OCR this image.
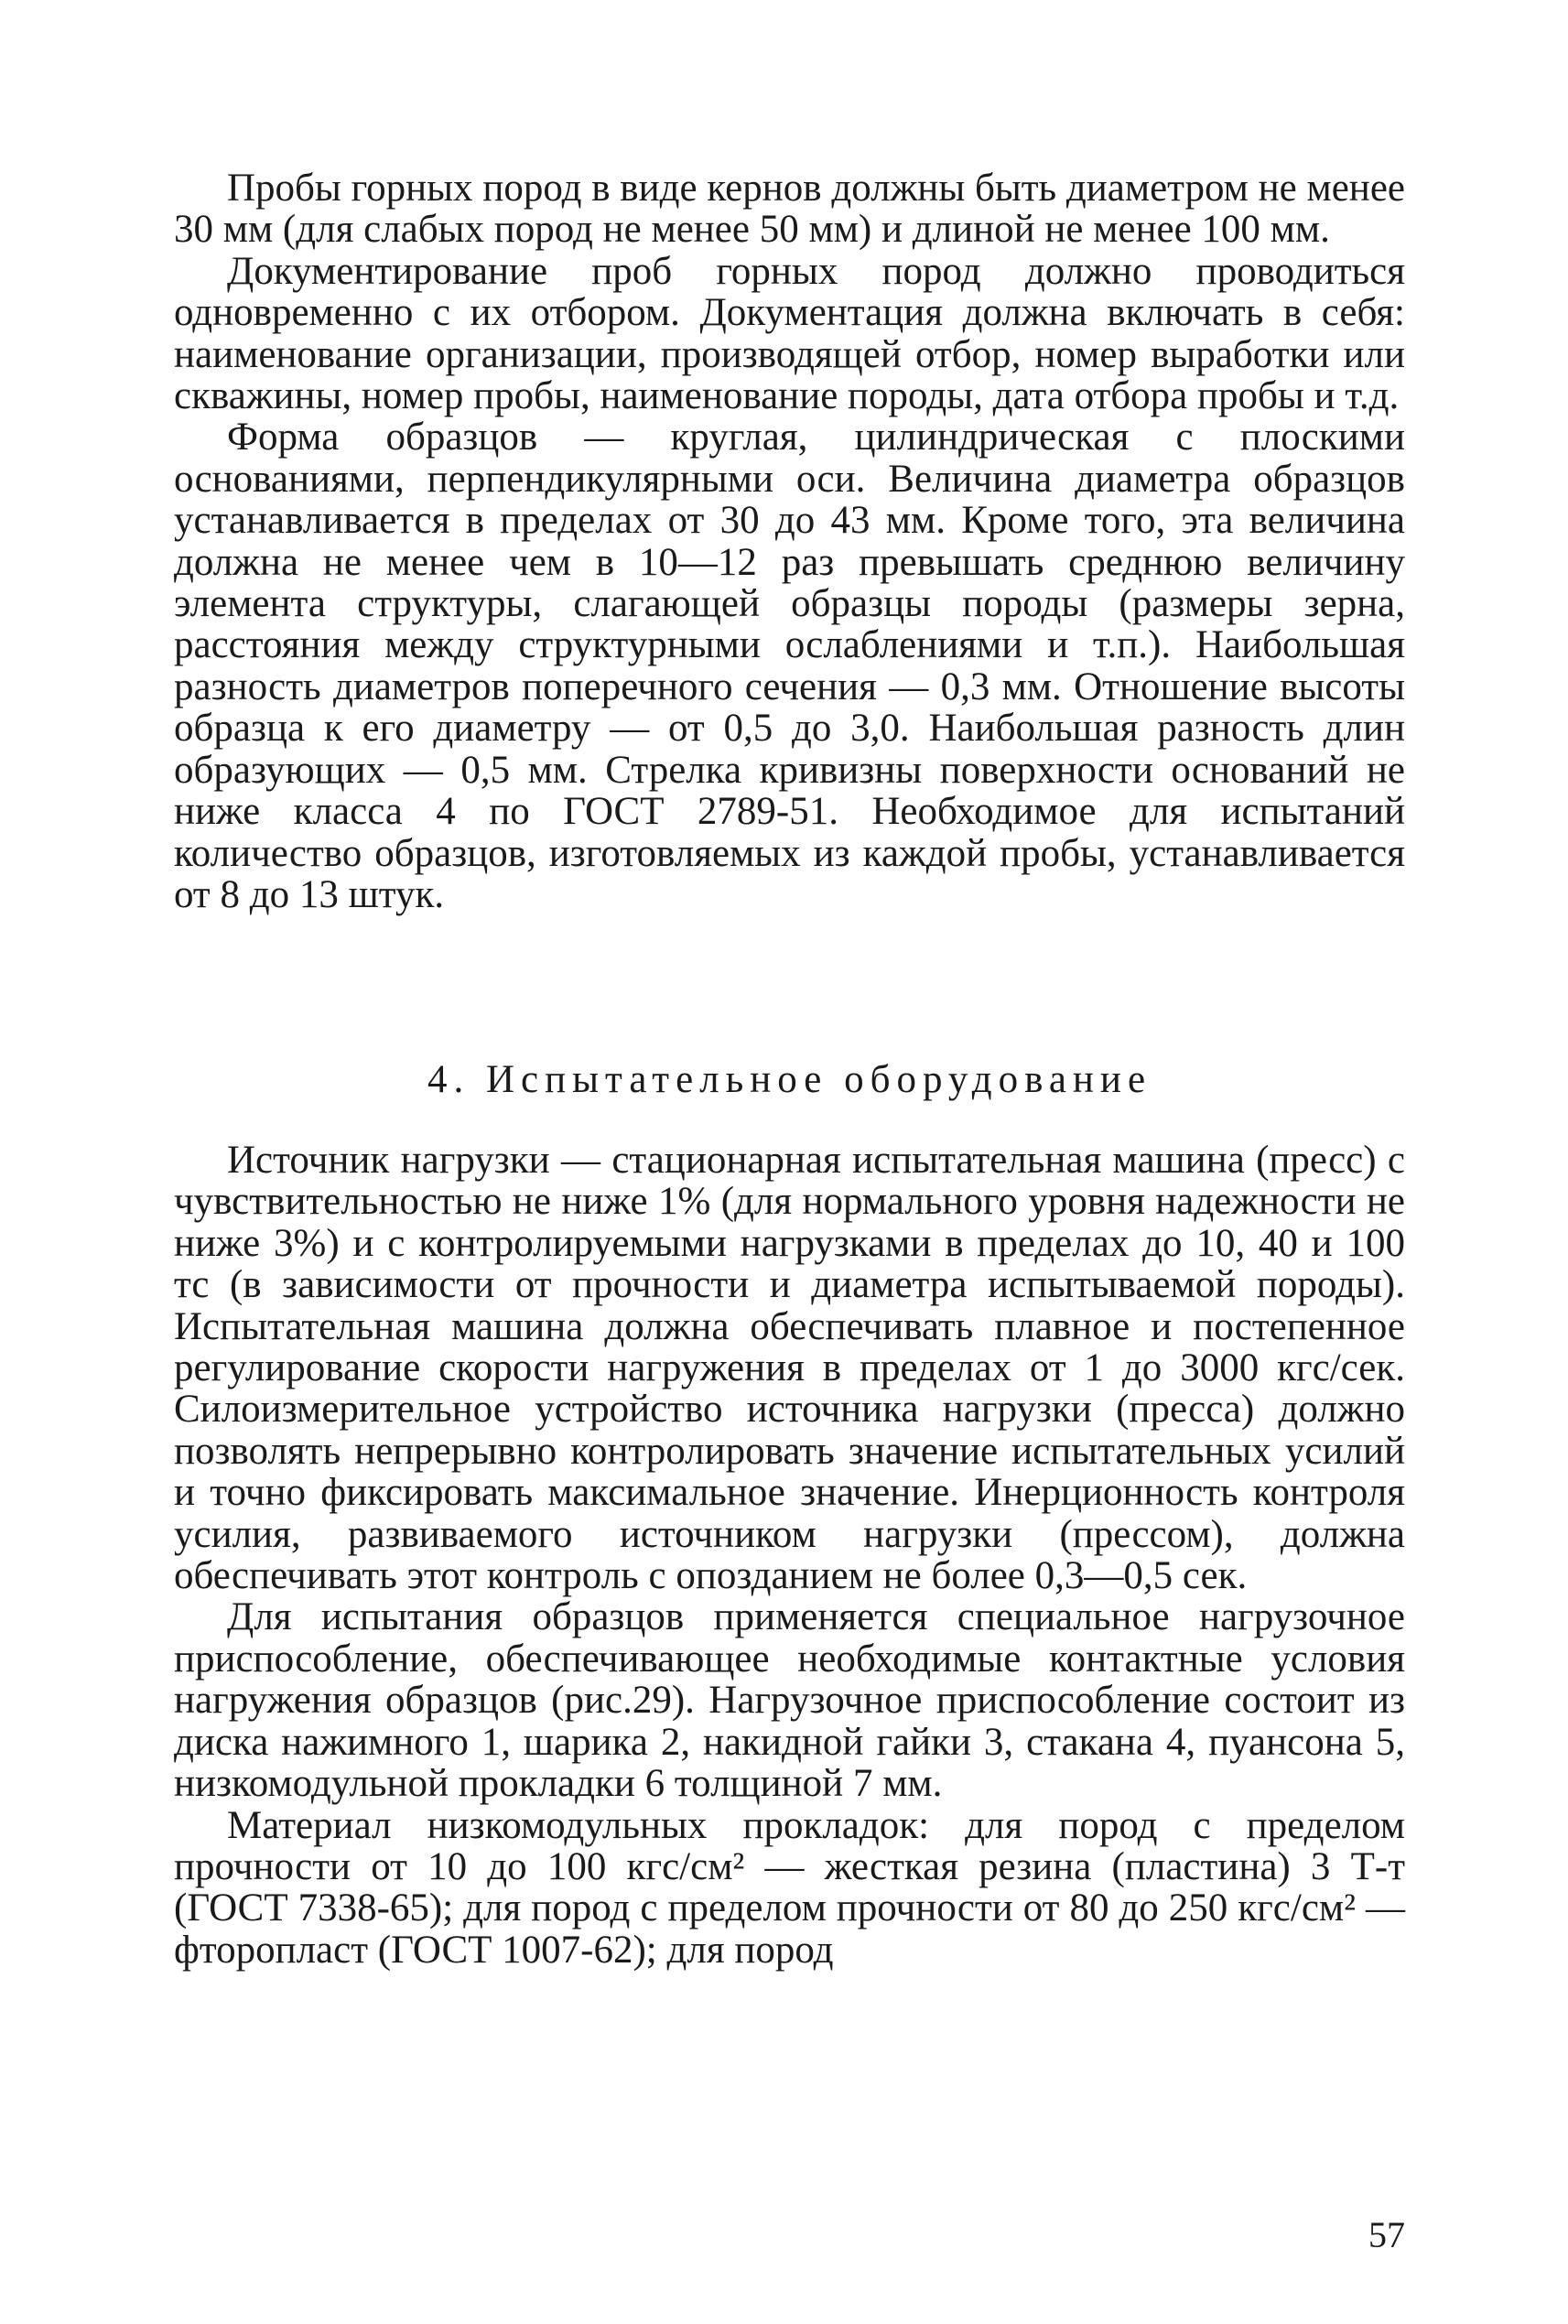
Пробы горных пород в виде кернов должны быть диаметром не менее 30 мм (для слабых пород не менее 50 мм) и длиной не менее 100 мм.

Документирование проб горных пород должно проводиться одновременно с их отбором. Документация должна включать в себя: наименование организации, производящей отбор, номер выработки или скважины, номер пробы, наименование породы, дата отбора пробы и т.д.

Форма образцов — круглая, цилиндрическая с плоскими основаниями, перпендикулярными оси. Величина диаметра образцов устанавливается в пределах от 30 до 43 мм. Кроме того, эта величина должна не менее чем в 10—12 раз превышать среднюю величину элемента структуры, слагающей образцы породы (размеры зерна, расстояния между структурными ослаблениями и т.п.). Наибольшая разность диаметров поперечного сечения — 0,3 мм. Отношение высоты образца к его диаметру — от 0,5 до 3,0. Наибольшая разность длин образующих — 0,5 мм. Стрелка кривизны поверхности оснований не ниже класса 4 по ГОСТ 2789-51. Необходимое для испытаний количество образцов, изготовляемых из каждой пробы, устанавливается от 8 до 13 штук.

4. Испытательное оборудование

Источник нагрузки — стационарная испытательная машина (пресс) с чувствительностью не ниже 1% (для нормального уровня надежности не ниже 3%) и с контролируемыми нагрузками в пределах до 10, 40 и 100 тс (в зависимости от прочности и диаметра испытываемой породы). Испытательная машина должна обеспечивать плавное и постепенное регулирование скорости нагружения в пределах от 1 до 3000 кгс/сек. Силоизмерительное устройство источника нагрузки (пресса) должно позволять непрерывно контролировать значение испытательных усилий и точно фиксировать максимальное значение. Инерционность контроля усилия, развиваемого источником нагрузки (прессом), должна обеспечивать этот контроль с опозданием не более 0,3—0,5 сек.

Для испытания образцов применяется специальное нагрузочное приспособление, обеспечивающее необходимые контактные условия нагружения образцов (рис.29). Нагрузочное приспособление состоит из диска нажимного 1, шарика 2, накидной гайки 3, стакана 4, пуансона 5, низкомодульной прокладки 6 толщиной 7 мм.

Материал низкомодульных прокладок: для пород с пределом прочности от 10 до 100 кгс/см² — жесткая резина (пластина) 3 Т-т (ГОСТ 7338-65); для пород с пределом прочности от 80 до 250 кгс/см² — фторопласт (ГОСТ 1007-62); для пород

57
